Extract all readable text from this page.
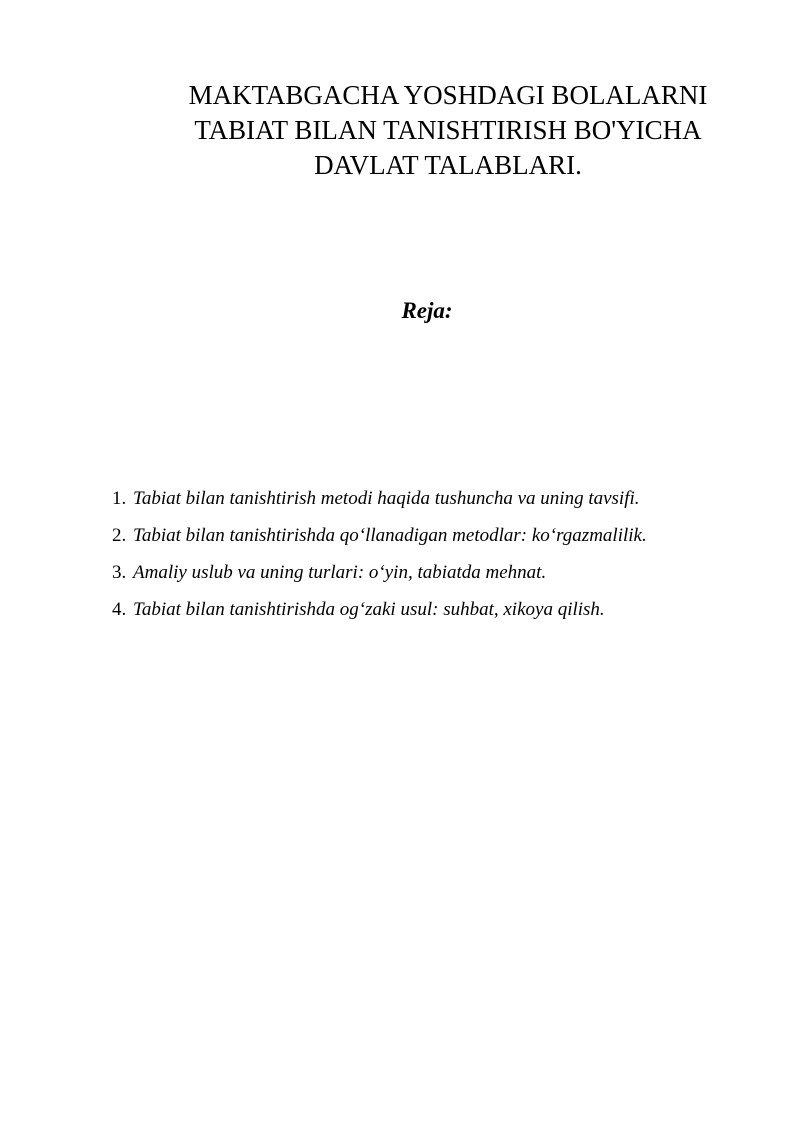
MAKTABGACHA YOSHDAGI BOLALARNI
TABIAT BILAN TANISHTIRISH BO'YICHA
DAVLAT TALABLARI.
Reja:
1. Tabiat bilan tanishtirish metodi haqida tushuncha va uning tavsifi.
2. Tabiat bilan tanishtirishda qo‘llanadigan metodlar: ko‘rgazmalilik.
3. Amaliy uslub va uning turlari: o‘yin, tabiatda mehnat.
4. Tabiat bilan tanishtirishda og‘zaki usul: suhbat, xikoya qilish.
